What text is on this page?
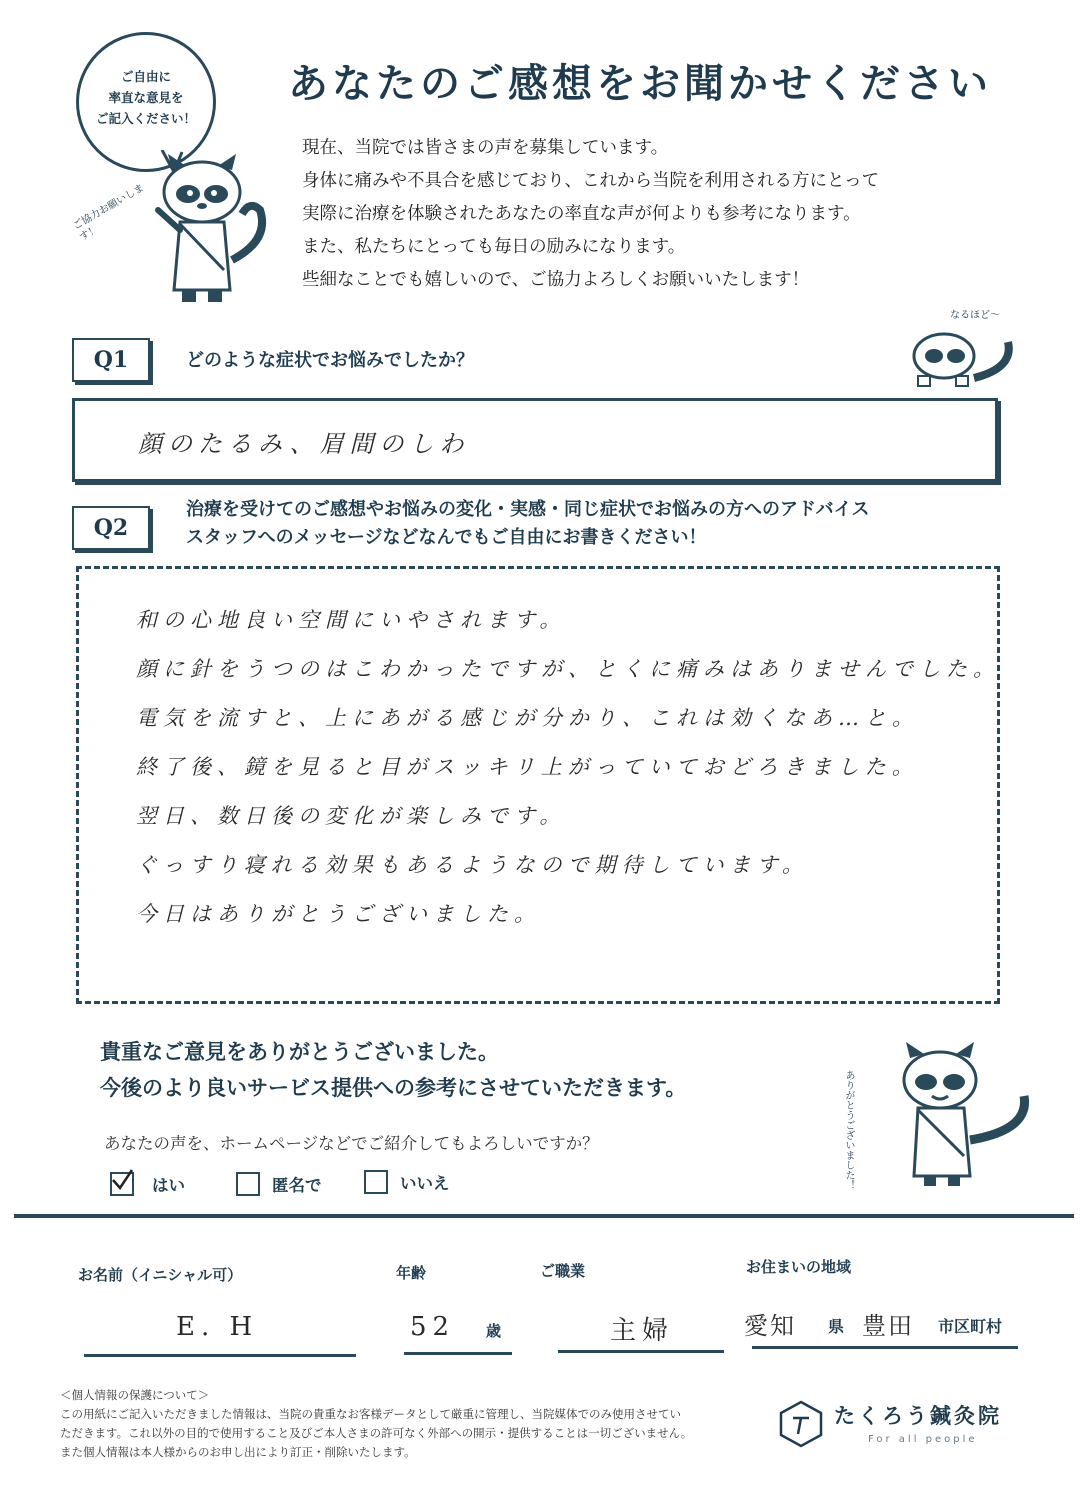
ご自由に
率直な意見を
ご記入ください！
ご協力お願いします！
あなたのご感想をお聞かせください
現在、当院では皆さまの声を募集しています。
身体に痛みや不具合を感じており、これから当院を利用される方にとって
実際に治療を体験されたあなたの率直な声が何よりも参考になります。
また、私たちにとっても毎日の励みになります。
些細なことでも嬉しいので、ご協力よろしくお願いいたします！
Q1	どのような症状でお悩みでしたか？
なるほど～
顔のたるみ、眉間のしわ
Q2
治療を受けてのご感想やお悩みの変化・実感・同じ症状でお悩みの方へのアドバイス
スタッフへのメッセージなどなんでもご自由にお書きください！
和の心地良い空間にいやされます。
顔に針をうつのはこわかったですが、とくに痛みはありませんでした。
電気を流すと、上にあがる感じが分かり、これは効くなあ…と。
終了後、鏡を見ると目がスッキリ上がっていておどろきました。
翌日、数日後の変化が楽しみです。
ぐっすり寝れる効果もあるようなので期待しています。
今日はありがとうございました。
貴重なご意見をありがとうございました。
今後のより良いサービス提供への参考にさせていただきます。	ありがとうございました！
あなたの声を、ホームページなどでご紹介してもよろしいですか？
はい	匿名で	いいえ
お名前（イニシャル可）
E. H
年齢
52 歳
ご職業
主婦
お住まいの地域
愛知 県 豊田 市区町村
＜個人情報の保護について＞
この用紙にご記入いただきました情報は、当院の貴重なお客様データとして厳重に管理し、当院媒体でのみ使用させてい
ただきます。これ以外の目的で使用すること及びご本人さまの許可なく外部への開示・提供することは一切ございません。
また個人情報は本人様からのお申し出により訂正・削除いたします。
たくろう鍼灸院
For all people
